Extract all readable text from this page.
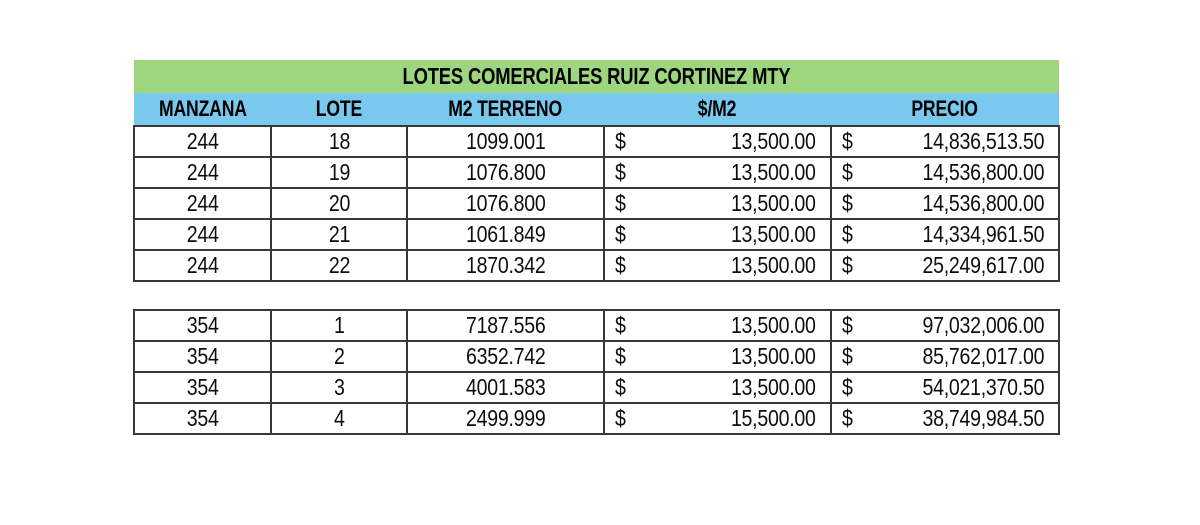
LOTES COMERCIALES RUIZ CORTINEZ MTY				
MANZANA	LOTE	M2 TERRENO	$/M2	PRECIO
244	18	1099.001	$ 13,500.00	$ 14,836,513.50

244	19	1076.800	$ 13,500.00	$ 14,536,800.00

244	20	1076.800	$ 13,500.00	$ 14,536,800.00

244	21	1061.849	$ 13,500.00	$ 14,334,961.50

244	22	1870.342	$ 13,500.00	$ 25,249,617.00

354	1	7187.556	$ 13,500.00	$ 97,032,006.00

354	2	6352.742	$ 13,500.00	$ 85,762,017.00

354	3	4001.583	$ 13,500.00	$ 54,021,370.50

354	4	2499.999	$ 15,500.00	$ 38,749,984.50
